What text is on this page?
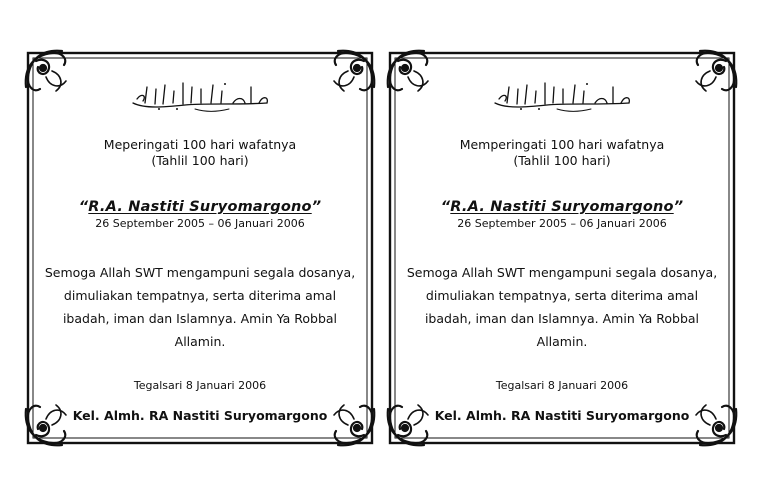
Meperingati 100 hari wafatnya
(Tahlil 100 hari)

“R.A. Nastiti Suryomargono”

26 September 2005 – 06 Januari 2006

Semoga Allah SWT mengampuni segala dosanya, dimuliakan tempatnya, serta diterima amal ibadah, iman dan Islamnya. Amin Ya Robbal Allamin.

Tegalsari 8 Januari 2006

Kel. Almh. RA Nastiti Suryomargono

Memperingati 100 hari wafatnya
(Tahlil 100 hari)

“R.A. Nastiti Suryomargono”

26 September 2005 – 06 Januari 2006

Semoga Allah SWT mengampuni segala dosanya, dimuliakan tempatnya, serta diterima amal ibadah, iman dan Islamnya. Amin Ya Robbal Allamin.

Tegalsari 8 Januari 2006

Kel. Almh. RA Nastiti Suryomargono
